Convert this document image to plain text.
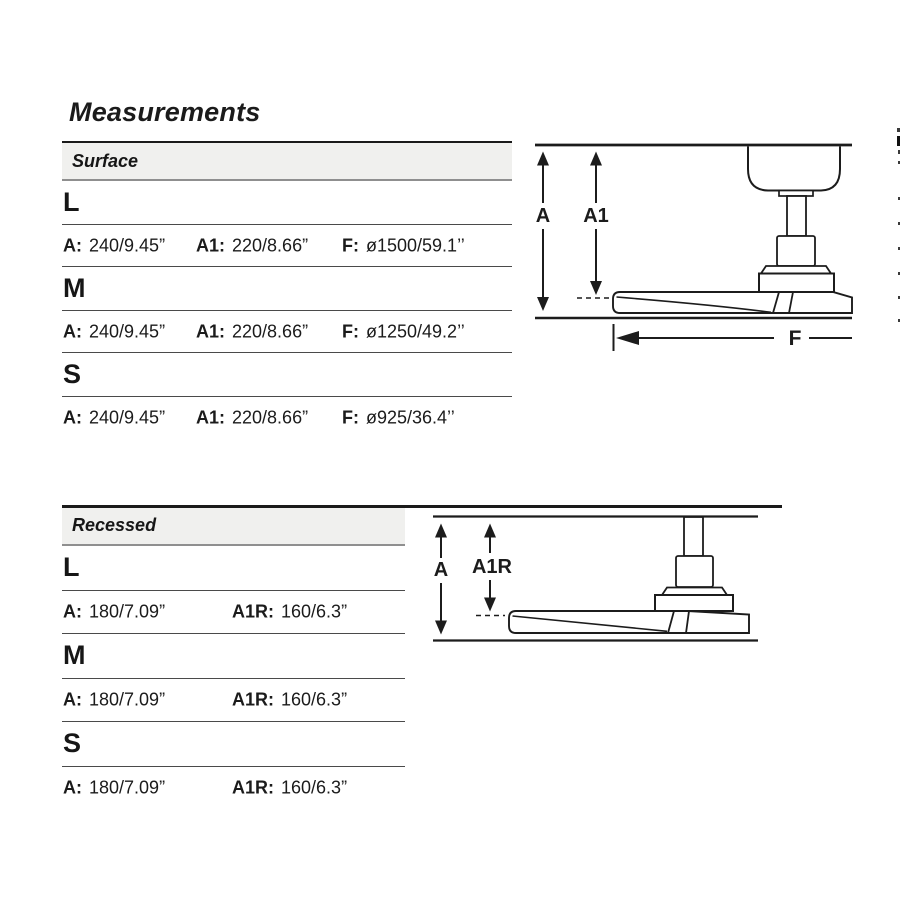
Measurements
Surface
L
A: 240/9.45” A1: 220/8.66” F: ø1500/59.1’’
M
A: 240/9.45” A1: 220/8.66” F: ø1250/49.2’’
S
A: 240/9.45” A1: 220/8.66” F: ø925/36.4’’
A A1
F
Recessed
L
A: 180/7.09”	A1R: 160/6.3”
M
A: 180/7.09”	A1R: 160/6.3”
S
A: 180/7.09”	A1R: 160/6.3”
A A1R
